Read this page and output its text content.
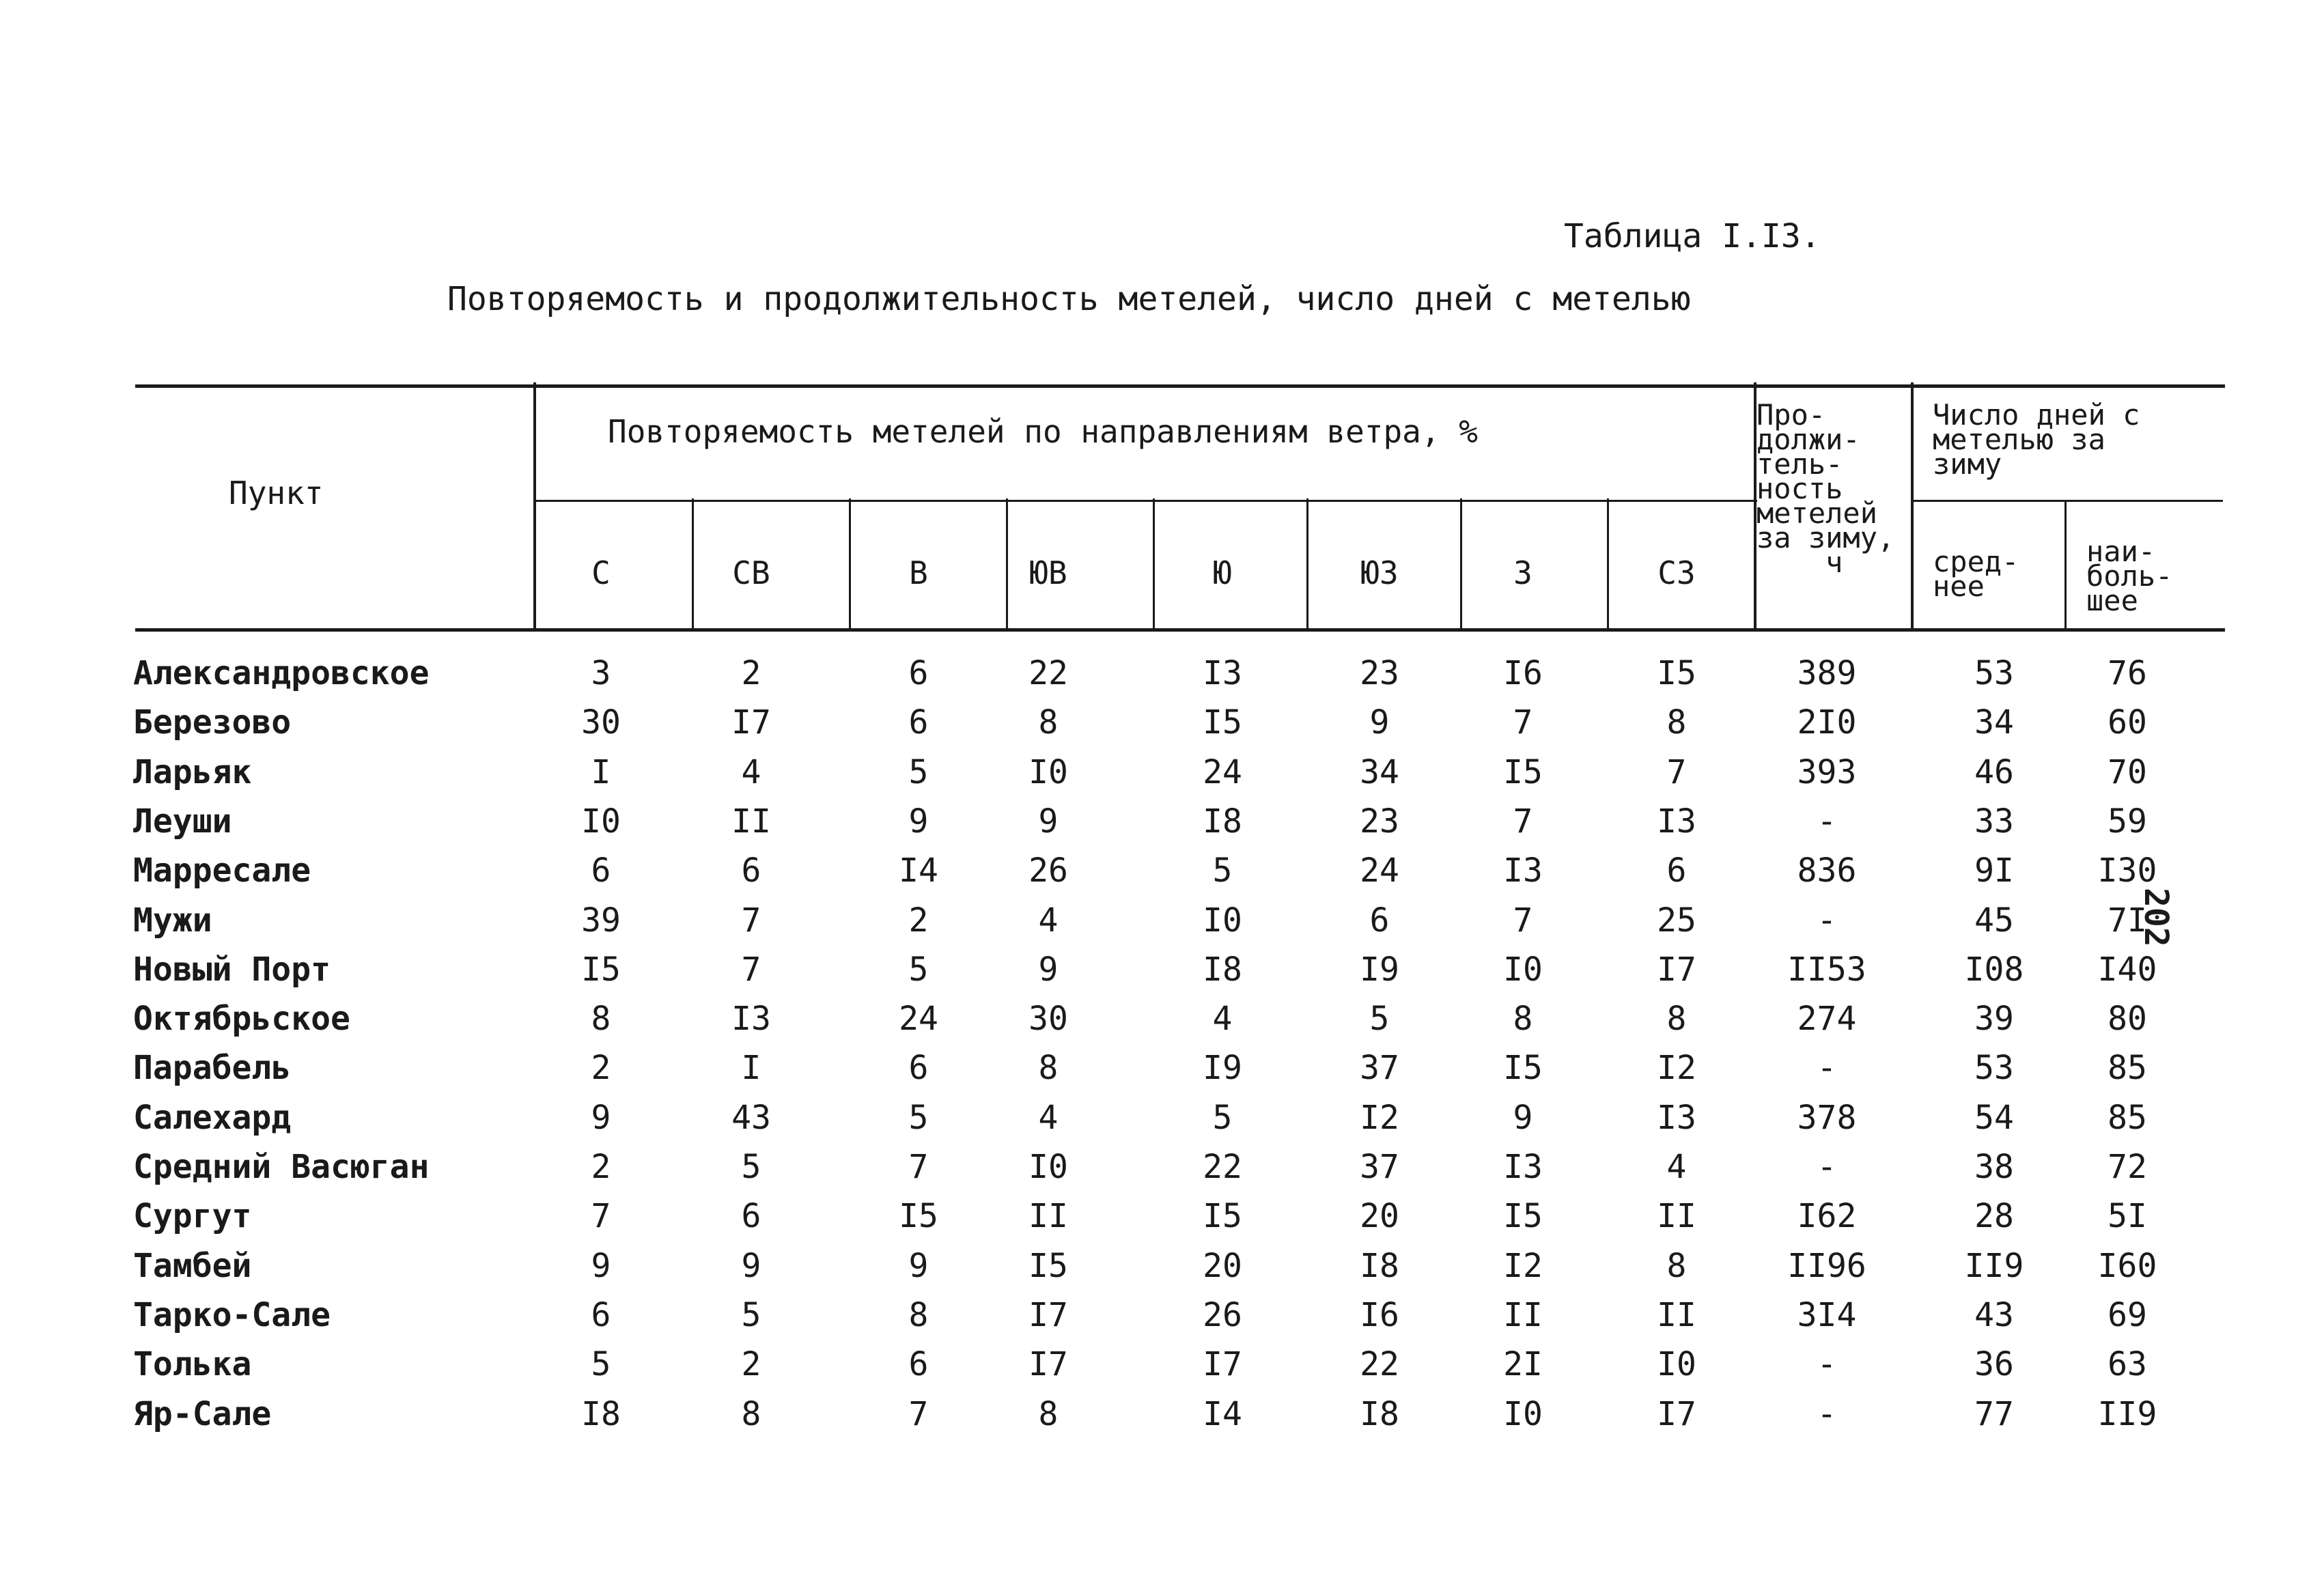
Таблица I.I3.
Повторяемость и продолжительность метелей, число дней с метелью
202
Пункт
Повторяемость метелей по направлениям ветра, %	Про-
должи-
тель-
ность
метелей
за зиму,
ч
Число дней с
метелью за
зиму
сред-
нее
наи-
боль-
шее
С	СВ	В	ЮВ	Ю	ЮЗ	З	СЗ
Александровское	3	2	6	22	I3	23	I6	I5	389	53	76
Березово	30	I7	6	8	I5	9	7	8	2I0	34	60
Ларьяк	I	4	5	I0	24	34	I5	7	393	46	70
Леуши	I0	II	9	9	I8	23	7	I3	-	33	59
Марресале	6	6	I4	26	5	24	I3	6	836	9I	I30
Мужи	39	7	2	4	I0	6	7	25	-	45	7I
Новый Порт	I5	7	5	9	I8	I9	I0	I7	II53	I08	I40
Октябрьское	8	I3	24	30	4	5	8	8	274	39	80
Парабель	2	I	6	8	I9	37	I5	I2	-	53	85
Салехард	9	43	5	4	5	I2	9	I3	378	54	85
Средний Васюган	2	5	7	I0	22	37	I3	4	-	38	72
Сургут	7	6	I5	II	I5	20	I5	II	I62	28	5I
Тамбей	9	9	9	I5	20	I8	I2	8	II96	II9	I60
Тарко-Сале	6	5	8	I7	26	I6	II	II	3I4	43	69
Толька	5	2	6	I7	I7	22	2I	I0	-	36	63
Яр-Сале	I8	8	7	8	I4	I8	I0	I7	-	77	II9
